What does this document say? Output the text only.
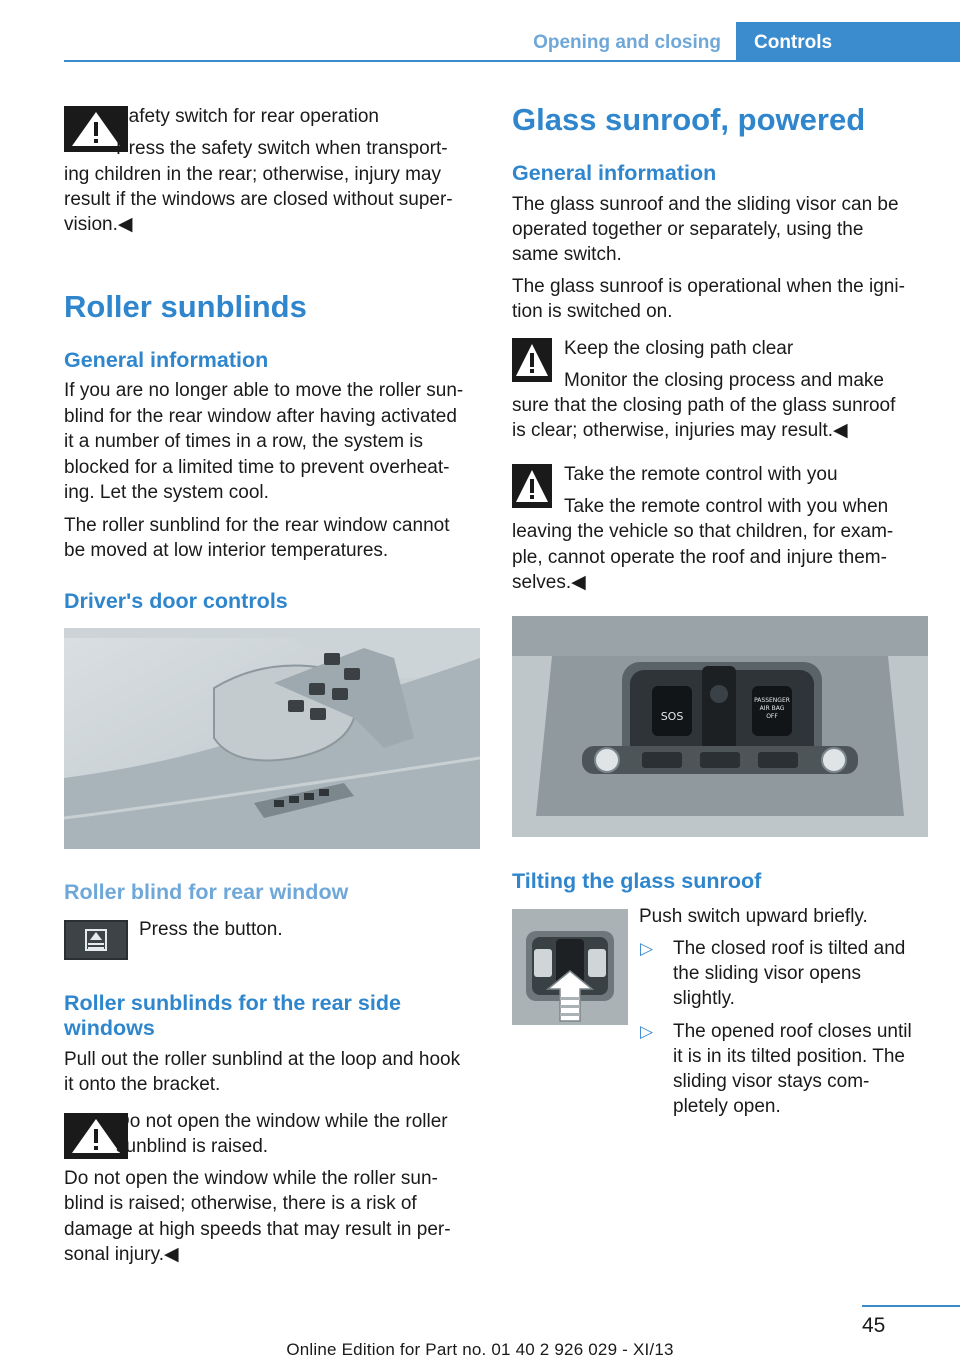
Opening and closing	Controls

Safety switch for rear operation

Press the safety switch when transport‐

ing children in the rear; otherwise, injury may

result if the windows are closed without super‐

vision.◀

Roller sunblinds
General information

If you are no longer able to move the roller sun‐

blind for the rear window after having activated

it a number of times in a row, the system is

blocked for a limited time to prevent overheat‐

ing. Let the system cool.

The roller sunblind for the rear window cannot

be moved at low interior temperatures.

Driver's door controls
Roller blind for rear window

Press the button.

Roller sunblinds for the rear side
windows

Pull out the roller sunblind at the loop and hook

it onto the bracket.

Do not open the window while the roller

sunblind is raised.

Do not open the window while the roller sun‐

blind is raised; otherwise, there is a risk of

damage at high speeds that may result in per‐

sonal injury.◀

Glass sunroof, powered
General information

The glass sunroof and the sliding visor can be

operated together or separately, using the

same switch.

The glass sunroof is operational when the igni‐

tion is switched on.

Keep the closing path clear

Monitor the closing process and make

sure that the closing path of the glass sunroof

is clear; otherwise, injuries may result.◀

Take the remote control with you

Take the remote control with you when

leaving the vehicle so that children, for exam‐

ple, cannot operate the roof and injure them‐

selves.◀

SOS
PASSENGER
AIR BAG
OFF
Tilting the glass sunroof

Push switch upward briefly.

▷ The closed roof is tilted and

the sliding visor opens

slightly.

▷ The opened roof closes until

it is in its tilted position. The

sliding visor stays com‐

pletely open.

45
Online Edition for Part no. 01 40 2 926 029 - XI/13
